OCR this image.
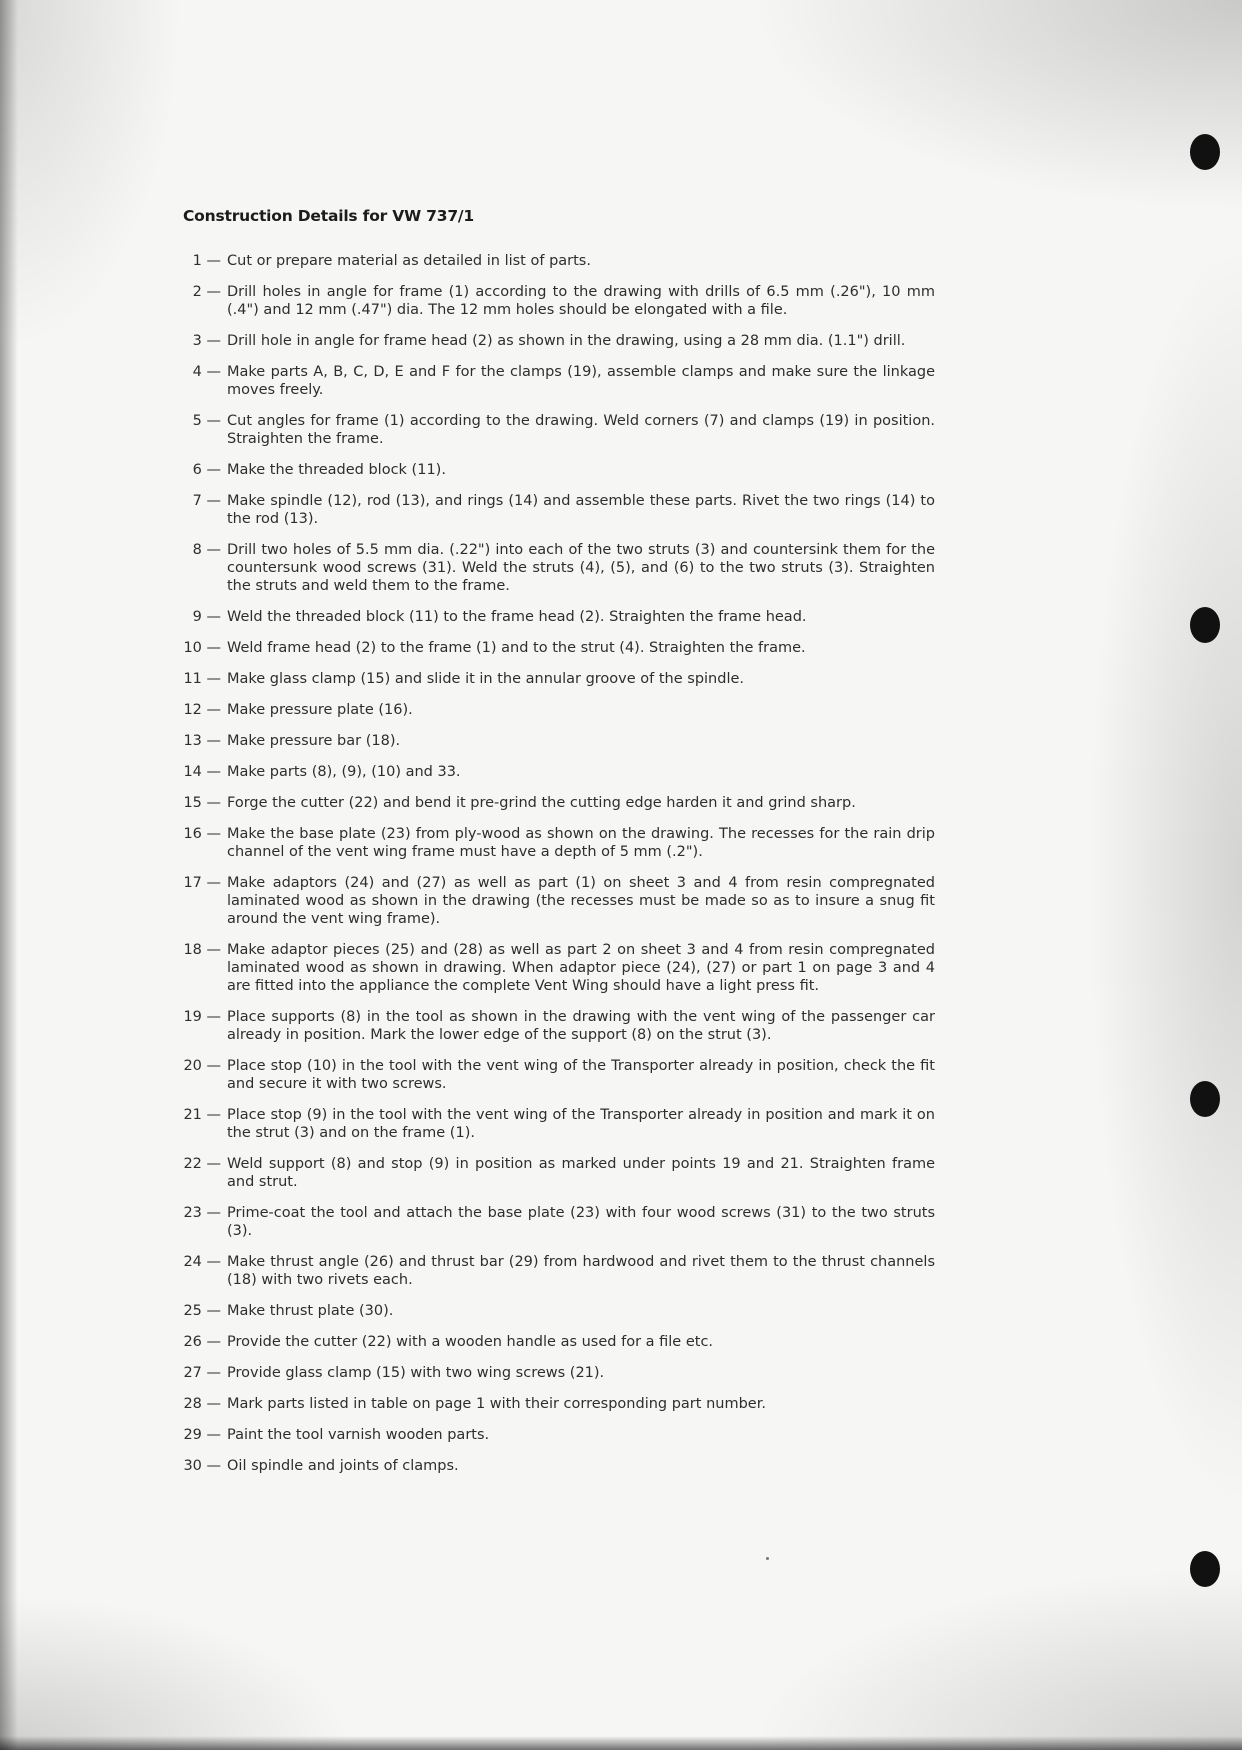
Construction Details for VW 737/1
1 — Cut or prepare material as detailed in list of parts.
2 — Drill holes in angle for frame (1) according to the drawing with drills of 6.5 mm (.26"), 10 mm (.4") and 12 mm (.47") dia. The 12 mm holes should be elongated with a file.
3 — Drill hole in angle for frame head (2) as shown in the drawing, using a 28 mm dia. (1.1") drill.
4 — Make parts A, B, C, D, E and F for the clamps (19), assemble clamps and make sure the linkage moves freely.
5 — Cut angles for frame (1) according to the drawing. Weld corners (7) and clamps (19) in position. Straighten the frame.
6 — Make the threaded block (11).
7 — Make spindle (12), rod (13), and rings (14) and assemble these parts. Rivet the two rings (14) to the rod (13).
8 — Drill two holes of 5.5 mm dia. (.22") into each of the two struts (3) and countersink them for the countersunk wood screws (31). Weld the struts (4), (5), and (6) to the two struts (3). Straighten the struts and weld them to the frame.
9 — Weld the threaded block (11) to the frame head (2). Straighten the frame head.
10 — Weld frame head (2) to the frame (1) and to the strut (4). Straighten the frame.
11 — Make glass clamp (15) and slide it in the annular groove of the spindle.
12 — Make pressure plate (16).
13 — Make pressure bar (18).
14 — Make parts (8), (9), (10) and 33.
15 — Forge the cutter (22) and bend it pre-grind the cutting edge harden it and grind sharp.
16 — Make the base plate (23) from ply-wood as shown on the drawing. The recesses for the rain drip channel of the vent wing frame must have a depth of 5 mm (.2").
17 — Make adaptors (24) and (27) as well as part (1) on sheet 3 and 4 from resin compregnated laminated wood as shown in the drawing (the recesses must be made so as to insure a snug fit around the vent wing frame).
18 — Make adaptor pieces (25) and (28) as well as part 2 on sheet 3 and 4 from resin compregnated laminated wood as shown in drawing. When adaptor piece (24), (27) or part 1 on page 3 and 4 are fitted into the appliance the complete Vent Wing should have a light press fit.
19 — Place supports (8) in the tool as shown in the drawing with the vent wing of the passenger car already in position. Mark the lower edge of the support (8) on the strut (3).
20 — Place stop (10) in the tool with the vent wing of the Transporter already in position, check the fit and secure it with two screws.
21 — Place stop (9) in the tool with the vent wing of the Transporter already in position and mark it on the strut (3) and on the frame (1).
22 — Weld support (8) and stop (9) in position as marked under points 19 and 21. Straighten frame and strut.
23 — Prime-coat the tool and attach the base plate (23) with four wood screws (31) to the two struts (3).
24 — Make thrust angle (26) and thrust bar (29) from hardwood and rivet them to the thrust channels (18) with two rivets each.
25 — Make thrust plate (30).
26 — Provide the cutter (22) with a wooden handle as used for a file etc.
27 — Provide glass clamp (15) with two wing screws (21).
28 — Mark parts listed in table on page 1 with their corresponding part number.
29 — Paint the tool varnish wooden parts.
30 — Oil spindle and joints of clamps.
